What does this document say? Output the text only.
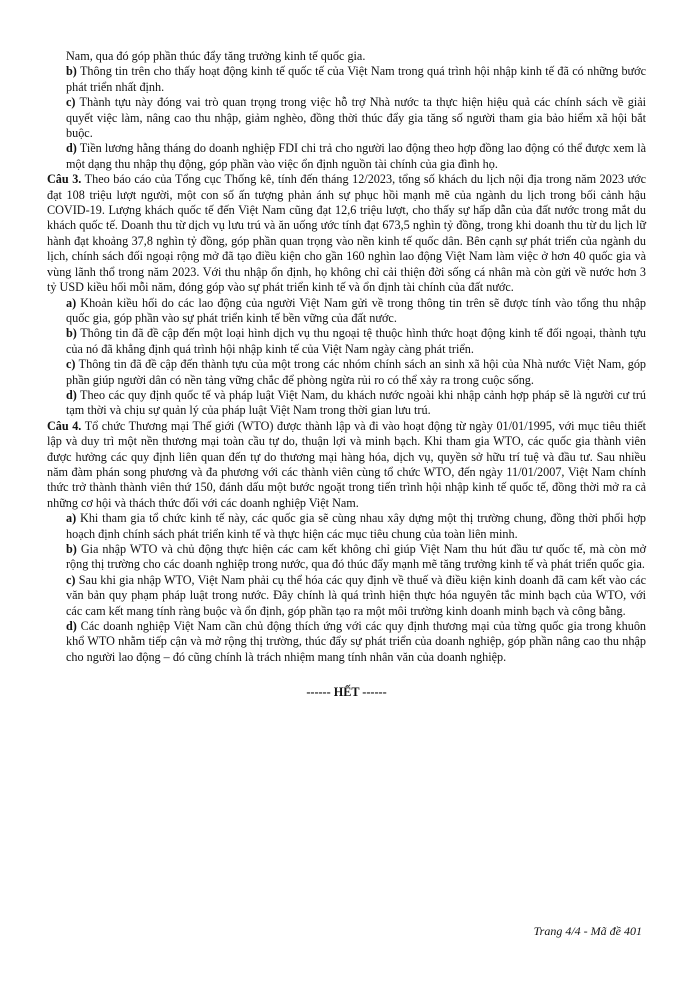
Nam, qua đó góp phần thúc đẩy tăng trưởng kinh tế quốc gia.

b) Thông tin trên cho thấy hoạt động kinh tế quốc tế của Việt Nam trong quá trình hội nhập kinh tế đã có những bước phát triển nhất định.

c) Thành tựu này đóng vai trò quan trọng trong việc hỗ trợ Nhà nước ta thực hiện hiệu quả các chính sách về giải quyết việc làm, nâng cao thu nhập, giảm nghèo, đồng thời thúc đẩy gia tăng số người tham gia bảo hiểm xã hội bắt buộc.

d) Tiền lương hằng tháng do doanh nghiệp FDI chi trả cho người lao động theo hợp đồng lao động có thể được xem là một dạng thu nhập thụ động, góp phần vào việc ổn định nguồn tài chính của gia đình họ.

Câu 3. Theo báo cáo của Tổng cục Thống kê, tính đến tháng 12/2023, tổng số khách du lịch nội địa trong năm 2023 ước đạt 108 triệu lượt người, một con số ấn tượng phản ánh sự phục hồi mạnh mẽ của ngành du lịch trong bối cảnh hậu COVID-19. Lượng khách quốc tế đến Việt Nam cũng đạt 12,6 triệu lượt, cho thấy sự hấp dẫn của đất nước trong mắt du khách quốc tế. Doanh thu từ dịch vụ lưu trú và ăn uống ước tính đạt 673,5 nghìn tỷ đồng, trong khi doanh thu từ du lịch lữ hành đạt khoảng 37,8 nghìn tỷ đồng, góp phần quan trọng vào nền kinh tế quốc dân. Bên cạnh sự phát triển của ngành du lịch, chính sách đối ngoại rộng mở đã tạo điều kiện cho gần 160 nghìn lao động Việt Nam làm việc ở hơn 40 quốc gia và vùng lãnh thổ trong năm 2023. Với thu nhập ổn định, họ không chỉ cải thiện đời sống cá nhân mà còn gửi về nước hơn 3 tỷ USD kiều hối mỗi năm, đóng góp vào sự phát triển kinh tế và ổn định tài chính của đất nước.

a) Khoản kiều hối do các lao động của người Việt Nam gửi về trong thông tin trên sẽ được tính vào tổng thu nhập quốc gia, góp phần vào sự phát triển kinh tế bền vững của đất nước.

b) Thông tin đã đề cập đến một loại hình dịch vụ thu ngoại tệ thuộc hình thức hoạt động kinh tế đối ngoại, thành tựu của nó đã khẳng định quá trình hội nhập kinh tế của Việt Nam ngày càng phát triển.

c) Thông tin đã đề cập đến thành tựu của một trong các nhóm chính sách an sinh xã hội của Nhà nước Việt Nam, góp phần giúp người dân có nền tảng vững chắc để phòng ngừa rủi ro có thể xảy ra trong cuộc sống.

d) Theo các quy định quốc tế và pháp luật Việt Nam, du khách nước ngoài khi nhập cảnh hợp pháp sẽ là người cư trú tạm thời và chịu sự quản lý của pháp luật Việt Nam trong thời gian lưu trú.

Câu 4. Tổ chức Thương mại Thế giới (WTO) được thành lập và đi vào hoạt động từ ngày 01/01/1995, với mục tiêu thiết lập và duy trì một nền thương mại toàn cầu tự do, thuận lợi và minh bạch. Khi tham gia WTO, các quốc gia thành viên được hưởng các quy định liên quan đến tự do thương mại hàng hóa, dịch vụ, quyền sở hữu trí tuệ và đầu tư. Sau nhiều năm đàm phán song phương và đa phương với các thành viên cùng tổ chức WTO, đến ngày 11/01/2007, Việt Nam chính thức trở thành thành viên thứ 150, đánh dấu một bước ngoặt trong tiến trình hội nhập kinh tế quốc tế, đồng thời mở ra cả những cơ hội và thách thức đối với các doanh nghiệp Việt Nam.

a) Khi tham gia tổ chức kinh tế này, các quốc gia sẽ cùng nhau xây dựng một thị trường chung, đồng thời phối hợp hoạch định chính sách phát triển kinh tế và thực hiện các mục tiêu chung của toàn liên minh.

b) Gia nhập WTO và chủ động thực hiện các cam kết không chỉ giúp Việt Nam thu hút đầu tư quốc tế, mà còn mở rộng thị trường cho các doanh nghiệp trong nước, qua đó thúc đẩy mạnh mẽ tăng trưởng kinh tế và phát triển quốc gia.

c) Sau khi gia nhập WTO, Việt Nam phải cụ thể hóa các quy định về thuế và điều kiện kinh doanh đã cam kết vào các văn bản quy phạm pháp luật trong nước. Đây chính là quá trình hiện thực hóa nguyên tắc minh bạch của WTO, với các cam kết mang tính ràng buộc và ổn định, góp phần tạo ra một môi trường kinh doanh minh bạch và công bằng.

d) Các doanh nghiệp Việt Nam cần chủ động thích ứng với các quy định thương mại của từng quốc gia trong khuôn khổ WTO nhằm tiếp cận và mở rộng thị trường, thúc đẩy sự phát triển của doanh nghiệp, góp phần nâng cao thu nhập cho người lao động – đó cũng chính là trách nhiệm mang tính nhân văn của doanh nghiệp.

------ HẾT ------
Trang 4/4 - Mã đề 401
